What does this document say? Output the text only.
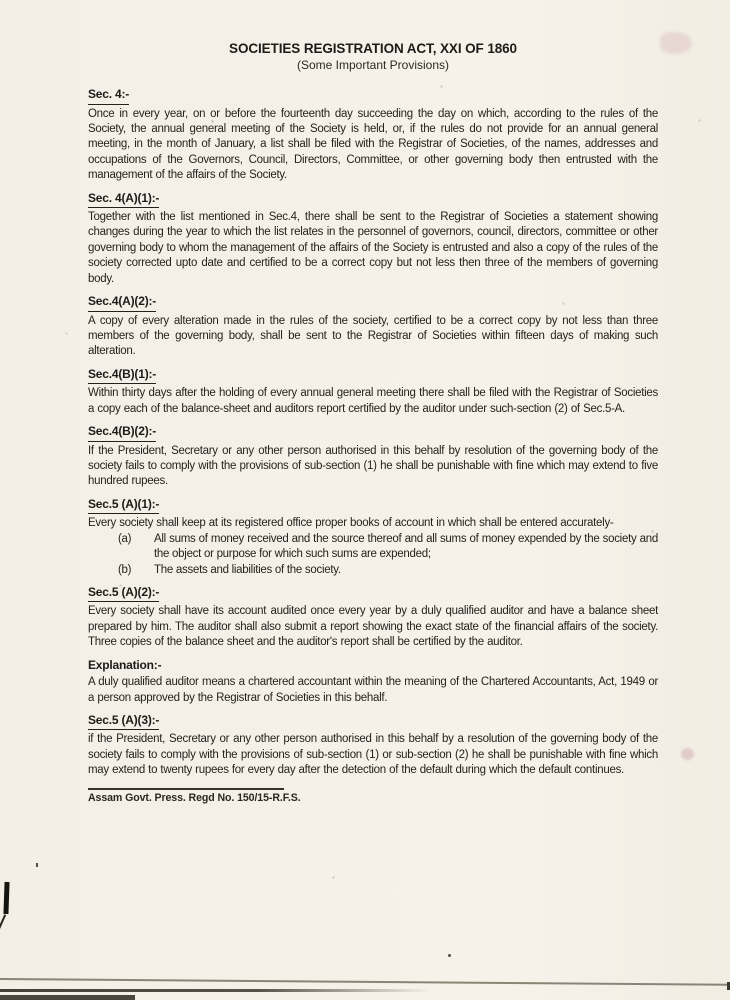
SOCIETIES REGISTRATION ACT, XXI OF 1860
(Some Important Provisions)
Sec. 4:-

Once in every year, on or before the fourteenth day succeeding the day on which, according to the rules of the Society, the annual general meeting of the Society is held, or, if the rules do not provide for an annual general meeting, in the month of January, a list shall be filed with the Registrar of Societies, of the names, addresses and occupations of the Governors, Council, Directors, Committee, or other governing body then entrusted with the management of the affairs of the Society.

Sec. 4(A)(1):-

Together with the list mentioned in Sec.4, there shall be sent to the Registrar of Societies a statement showing changes during the year to which the list relates in the personnel of governors, council, directors, committee or other governing body to whom the management of the affairs of the Society is entrusted and also a copy of the rules of the society corrected upto date and certified to be a correct copy but not less then three of the members of governing body.

Sec.4(A)(2):-

A copy of every alteration made in the rules of the society, certified to be a correct copy by not less than three members of the governing body, shall be sent to the Registrar of Societies within fifteen days of making such alteration.

Sec.4(B)(1):-

Within thirty days after the holding of every annual general meeting there shall be filed with the Registrar of Societies a copy each of the balance-sheet and auditors report certified by the auditor under such-section (2) of Sec.5-A.

Sec.4(B)(2):-

If the President, Secretary or any other person authorised in this behalf by resolution of the governing body of the society fails to comply with the provisions of sub-section (1) he shall be punishable with fine which may extend to five hundred rupees.

Sec.5 (A)(1):-

Every society shall keep at its registered office proper books of account in which shall be entered accurately-

(a)	All sums of money received and the source thereof and all sums of money expended by the society and the object or purpose for which such sums are expended;
(b)	The assets and liabilities of the society.
Sec.5 (A)(2):-

Every society shall have its account audited once every year by a duly qualified auditor and have a balance sheet prepared by him. The auditor shall also submit a report showing the exact state of the financial affairs of the society. Three copies of the balance sheet and the auditor's report shall be certified by the auditor.

Explanation:-

A duly qualified auditor means a chartered accountant within the meaning of the Chartered Accountants, Act, 1949 or a person approved by the Registrar of Societies in this behalf.

Sec.5 (A)(3):-

if the President, Secretary or any other person authorised in this behalf by a resolution of the governing body of the society fails to comply with the provisions of sub-section (1) or sub-section (2) he shall be punishable with fine which may extend to twenty rupees for every day after the detection of the default during which the default continues.

Assam Govt. Press. Regd No. 150/15-R.F.S.
